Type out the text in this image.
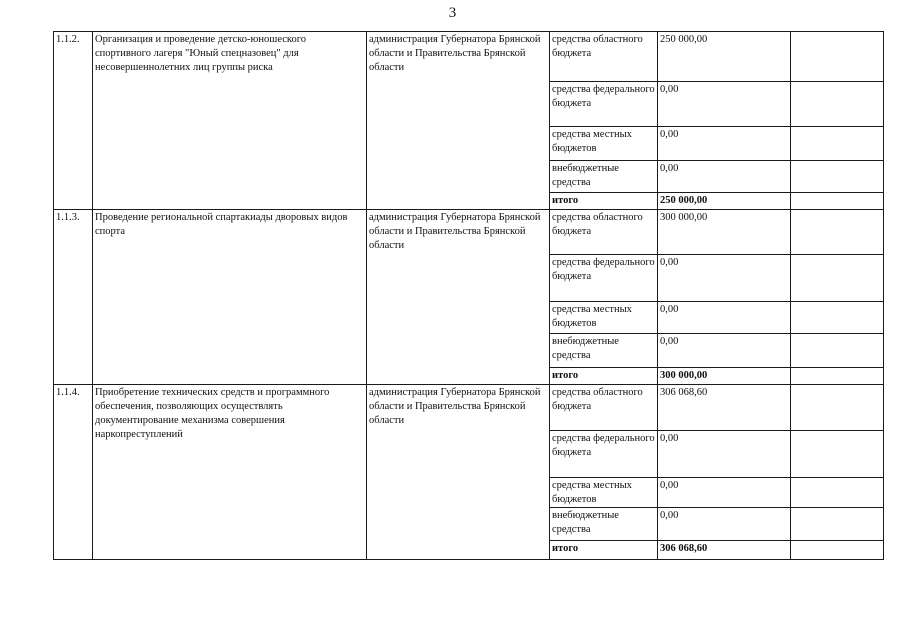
3
1.1.2.	Организация и проведение детско-юношеского спортивного лагеря "Юный спецназовец" для несовершеннолетних лиц группы риска	администрация Губернатора Брянской области и Правительства Брянской области	средства областного бюджета	250 000,00	
			средства федерального бюджета	0,00	
			средства местных бюджетов	0,00	
			внебюджетные средства	0,00	
			итого	250 000,00	
1.1.3.	Проведение региональной спартакиады дворовых видов спорта	администрация Губернатора Брянской области и Правительства Брянской области	средства областного бюджета	300 000,00	
			средства федерального бюджета	0,00	
			средства местных бюджетов	0,00	
			внебюджетные средства	0,00	
			итого	300 000,00	
1.1.4.	Приобретение технических средств и программного обеспечения, позволяющих осуществлять документирование механизма совершения наркопреступлений	администрация Губернатора Брянской области и Правительства Брянской области	средства областного бюджета	306 068,60	
			средства федерального бюджета	0,00	
			средства местных бюджетов	0,00	
			внебюджетные средства	0,00	
			итого	306 068,60	
